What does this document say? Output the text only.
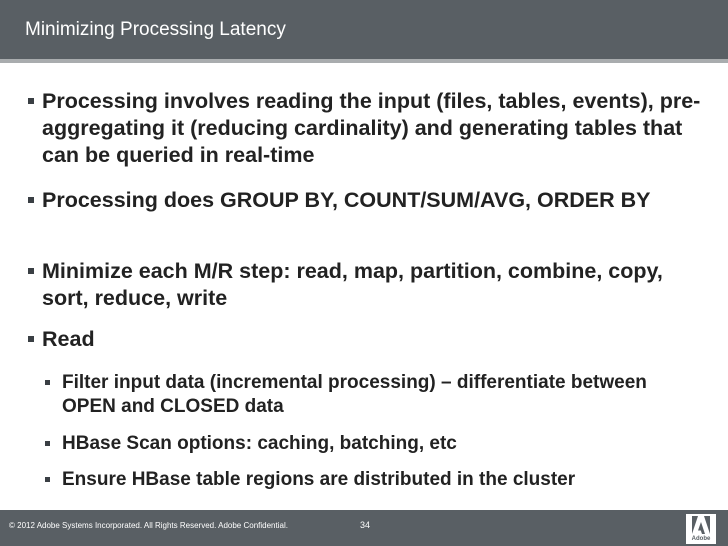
Minimizing Processing Latency
Processing involves reading the input (files, tables, events), pre-aggregating it (reducing cardinality) and generating tables that can be queried in real-time
Processing does GROUP BY, COUNT/SUM/AVG, ORDER BY
Minimize each M/R step: read, map, partition, combine, copy, sort, reduce, write
Read
Filter input data (incremental processing) – differentiate between OPEN and CLOSED data
HBase Scan options: caching, batching, etc
Ensure HBase table regions are distributed in the cluster
© 2012 Adobe Systems Incorporated. All Rights Reserved. Adobe Confidential.	34
Adobe
